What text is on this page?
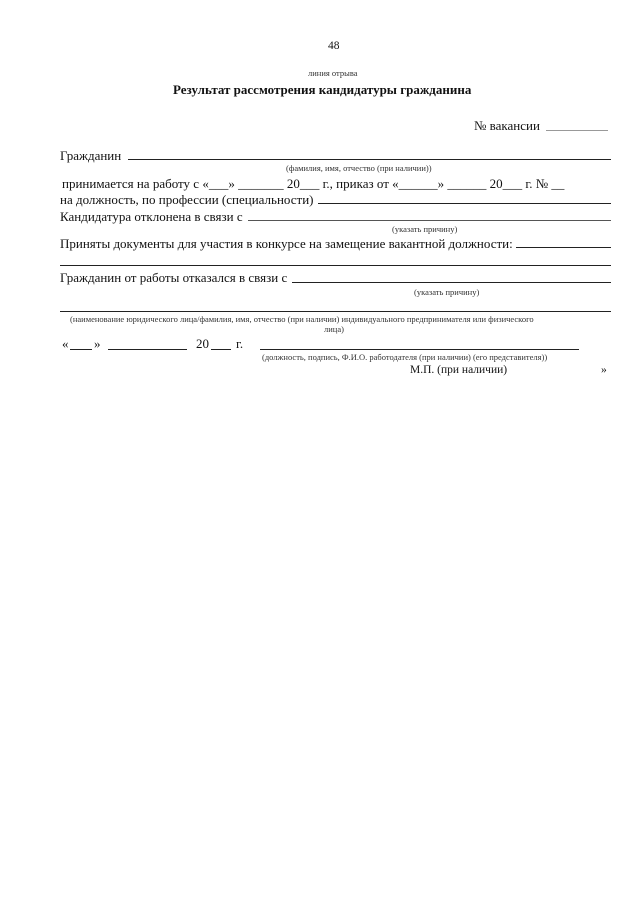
48
линия отрыва
Результат рассмотрения кандидатуры гражданина
№ вакансии
Гражданин
(фамилия, имя, отчество (при наличии))
принимается на работу с «___» _______ 20___ г., приказ от «______» ______ 20___ г. № __
на должность, по профессии (специальности)
Кандидатура отклонена в связи с
(указать причину)
Приняты документы для участия в конкурсе на замещение вакантной должности:
Гражданин от работы отказался в связи с
(указать причину)
(наименование юридического лица/фамилия, имя, отчество (при наличии) индивидуального предпринимателя или физического
лица)
« »	20 г.
(должность, подпись, Ф.И.О. работодателя (при наличии) (его представителя))
М.П. (при наличии)	»
